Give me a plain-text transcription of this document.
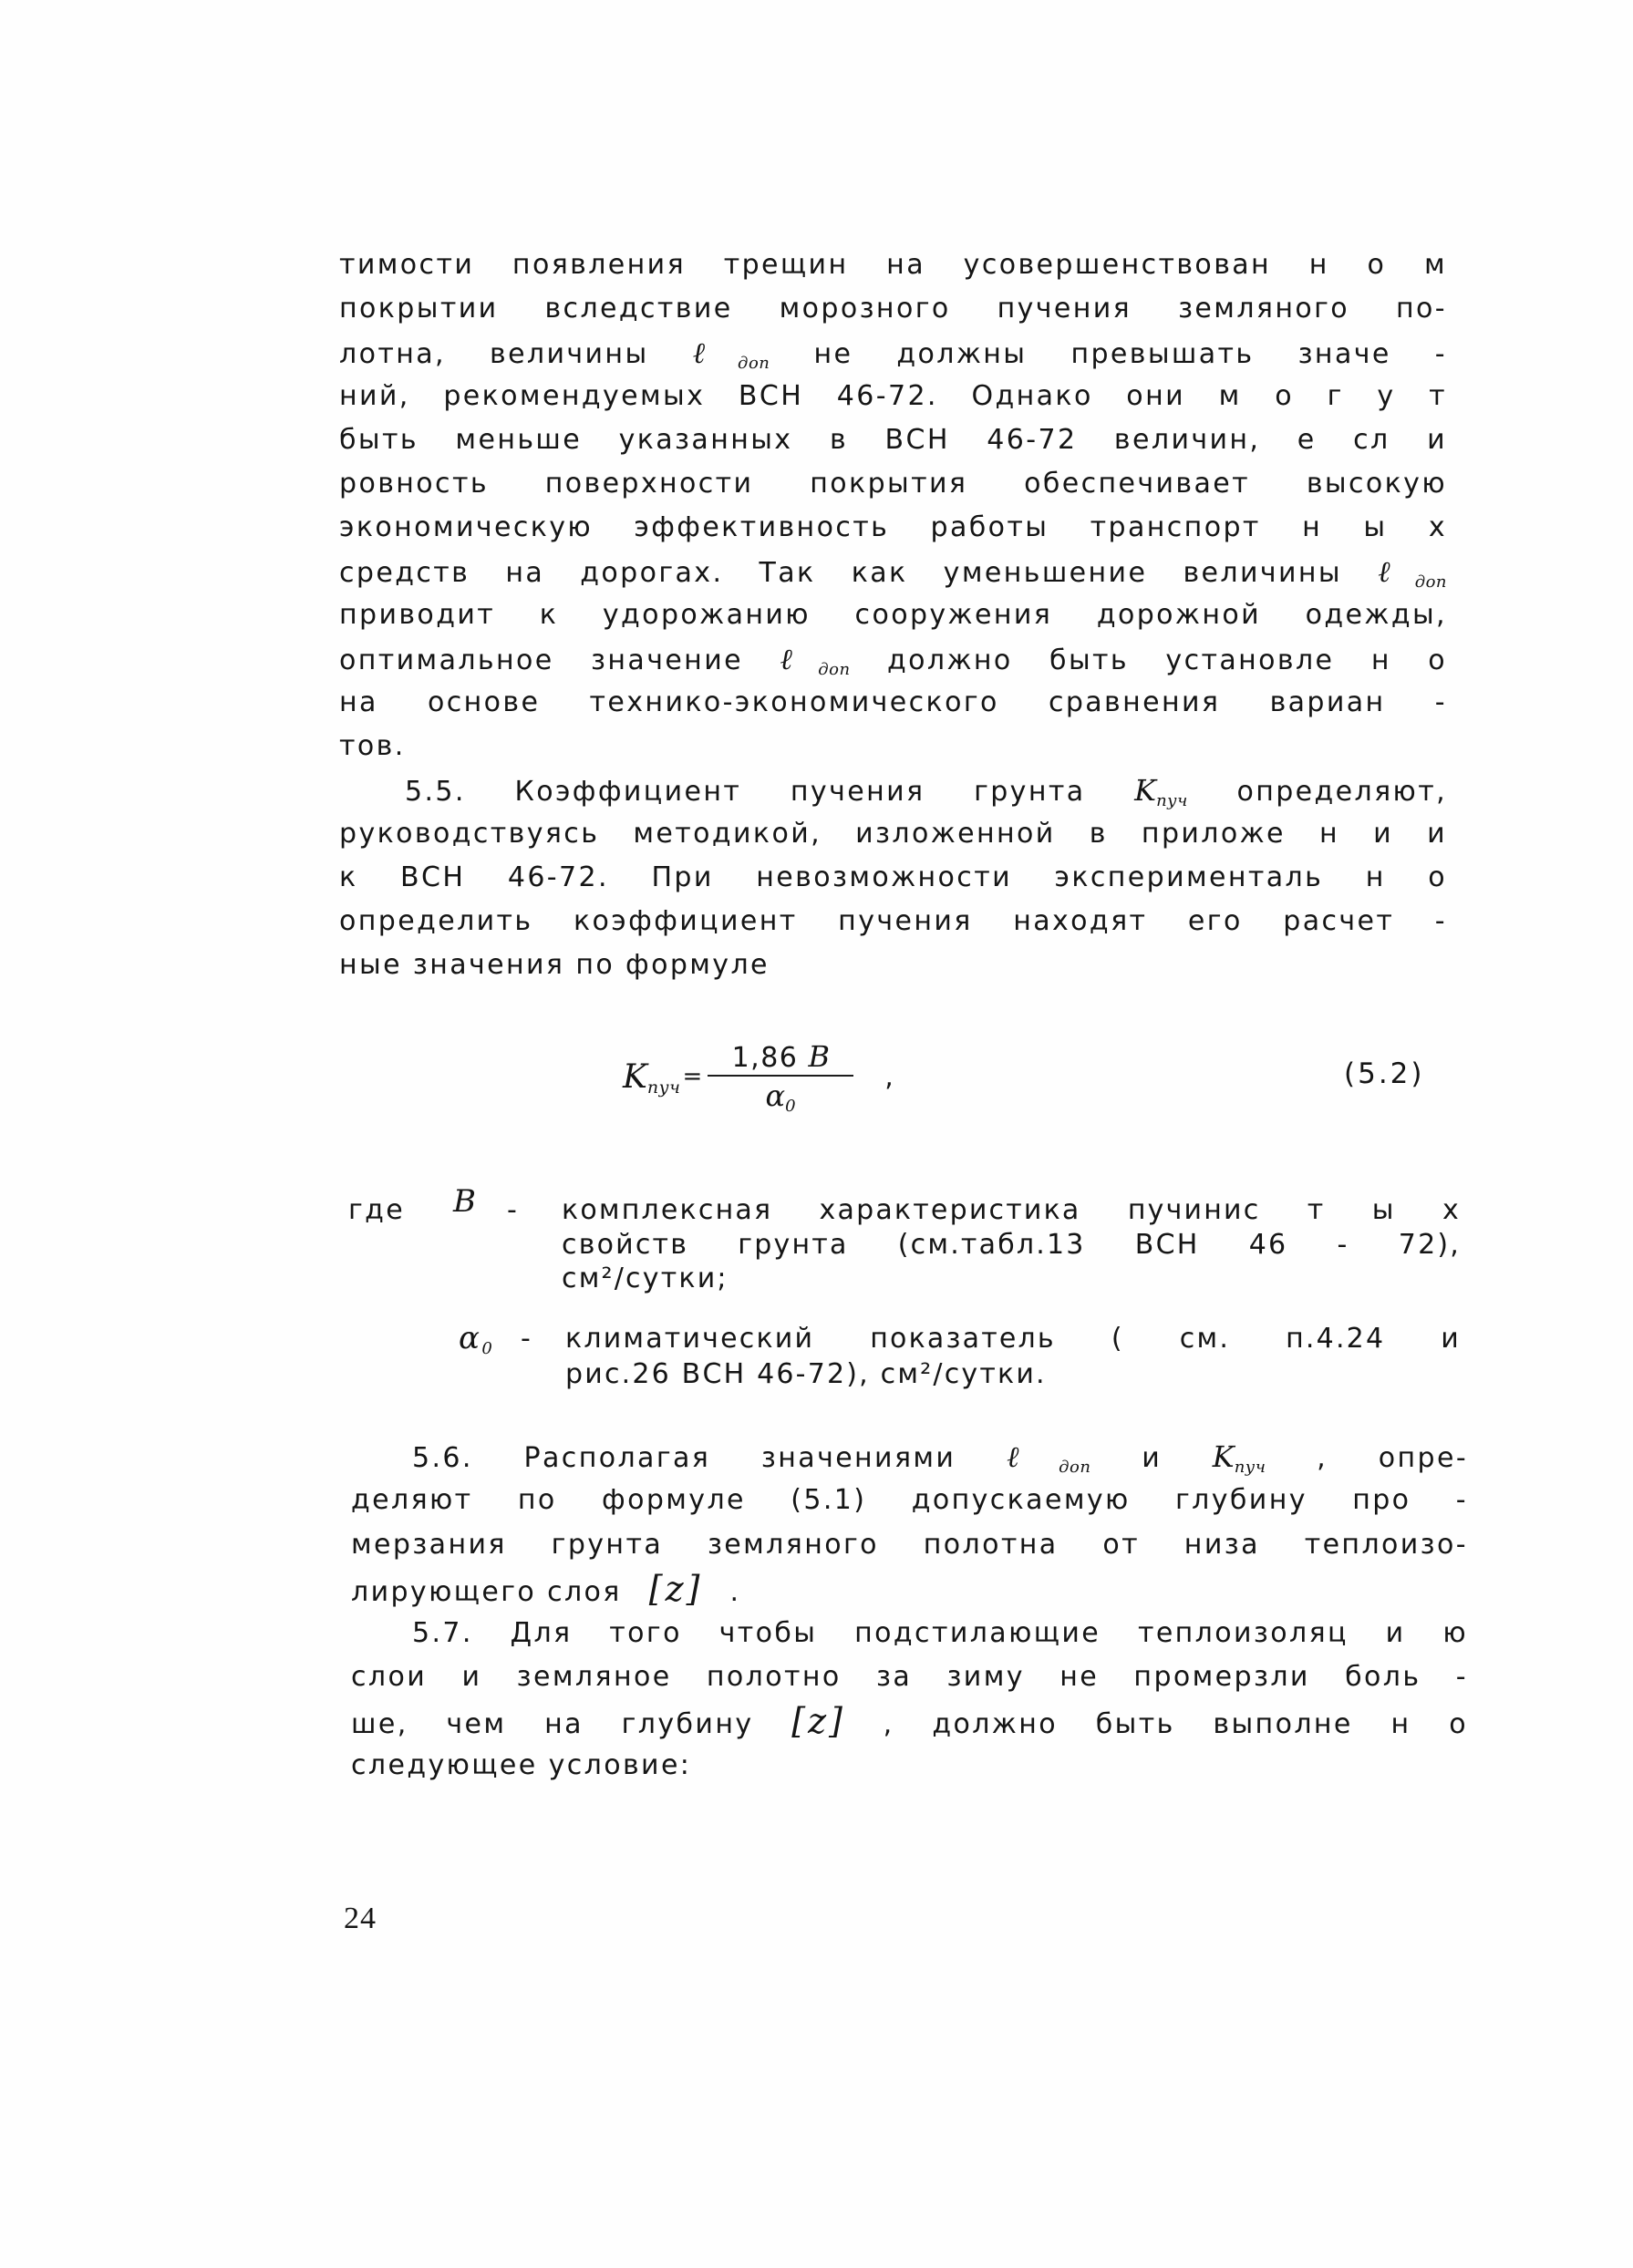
тимости появления трещин на усовершенствован н о м
покрытии вследствие морозного пучения земляного по-
лотна, величины ℓ$_{доп}$ не должны превышать значе -
ний, рекомендуемых ВСН 46-72. Однако они м о г у т
быть меньше указанных в ВСН 46-72 величин, е сл и
ровность поверхности покрытия обеспечивает высокую
экономическую эффективность работы транспорт н ы х
средств на дорогах. Так как уменьшение величины ℓ$_{доп}$
приводит к удорожанию сооружения дорожной одежды,
оптимальное значение ℓ$_{доп}$ должно быть установле н о
на основе технико-экономического сравнения вариан -
тов.
5.5. Коэффициент пучения грунта $K_{пуч}$ определяют,
руководствуясь методикой, изложенной в приложе н и и
к ВСН 46-72. При невозможности эксперименталь н о
определить коэффициент пучения находят его расчет -
ные значения по формуле
$K_{пуч} = \frac{1,86 B}{\alpha_0}$ ,	(5.2)
где B - комплексная характеристика пучинис т ы х
свойств грунта (см.табл.13 ВСН 46 - 72),
см²/сутки;
$\alpha_0$ - климатический показатель ( см. п.4.24 и
рис.26 ВСН 46-72), см²/сутки.
5.6. Располагая значениями ℓ$_{доп}$ и $K_{пуч}$ , опре-
деляют по формуле (5.1) допускаемую глубину про -
мерзания грунта земляного полотна от низа теплоизо-
лирующего слоя [z] .
5.7. Для того чтобы подстилающие теплоизоляц и ю
слои и земляное полотно за зиму не промерзли боль -
ше, чем на глубину [z] , должно быть выполне н о
следующее условие:
24
